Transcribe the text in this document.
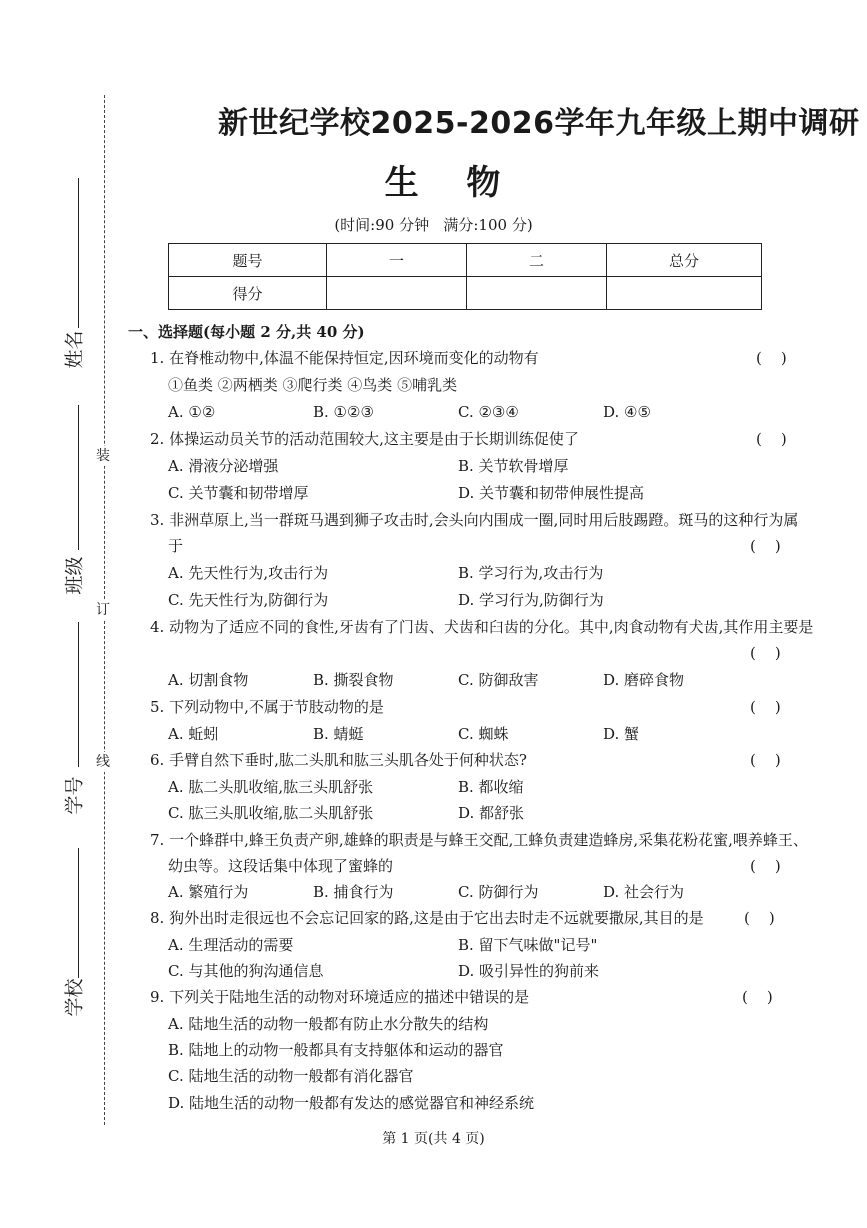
装
订
线
姓名
班级
学号
学校
新世纪学校2025-2026学年九年级上期中调研
生 物
(时间:90 分钟   满分:100 分)
题号	一	二	总分
得分			
一、选择题(每小题 2 分,共 40 分)
1. 在脊椎动物中,体温不能保持恒定,因环境而变化的动物有	(    )
①鱼类 ②两栖类 ③爬行类 ④鸟类 ⑤哺乳类
A. ①②	B. ①②③	C. ②③④	D. ④⑤
2. 体操运动员关节的活动范围较大,这主要是由于长期训练促使了	(    )
A. 滑液分泌增强	B. 关节软骨增厚
C. 关节囊和韧带增厚	D. 关节囊和韧带伸展性提高
3. 非洲草原上,当一群斑马遇到狮子攻击时,会头向内围成一圈,同时用后肢踢蹬。斑马的这种行为属
于	(    )
A. 先天性行为,攻击行为	B. 学习行为,攻击行为
C. 先天性行为,防御行为	D. 学习行为,防御行为
4. 动物为了适应不同的食性,牙齿有了门齿、犬齿和臼齿的分化。其中,肉食动物有犬齿,其作用主要是
(    )
A. 切割食物	B. 撕裂食物	C. 防御敌害	D. 磨碎食物
5. 下列动物中,不属于节肢动物的是	(    )
A. 蚯蚓	B. 蜻蜓	C. 蜘蛛	D. 蟹
6. 手臂自然下垂时,肱二头肌和肱三头肌各处于何种状态?	(    )
A. 肱二头肌收缩,肱三头肌舒张	B. 都收缩
C. 肱三头肌收缩,肱二头肌舒张	D. 都舒张
7. 一个蜂群中,蜂王负责产卵,雄蜂的职责是与蜂王交配,工蜂负责建造蜂房,采集花粉花蜜,喂养蜂王、
幼虫等。这段话集中体现了蜜蜂的	(    )
A. 繁殖行为	B. 捕食行为	C. 防御行为	D. 社会行为
8. 狗外出时走很远也不会忘记回家的路,这是由于它出去时走不远就要撒尿,其目的是	(    )
A. 生理活动的需要	B. 留下气味做"记号"
C. 与其他的狗沟通信息	D. 吸引异性的狗前来
9. 下列关于陆地生活的动物对环境适应的描述中错误的是	(    )
A. 陆地生活的动物一般都有防止水分散失的结构
B. 陆地上的动物一般都具有支持躯体和运动的器官
C. 陆地生活的动物一般都有消化器官
D. 陆地生活的动物一般都有发达的感觉器官和神经系统
第 1 页(共 4 页)
